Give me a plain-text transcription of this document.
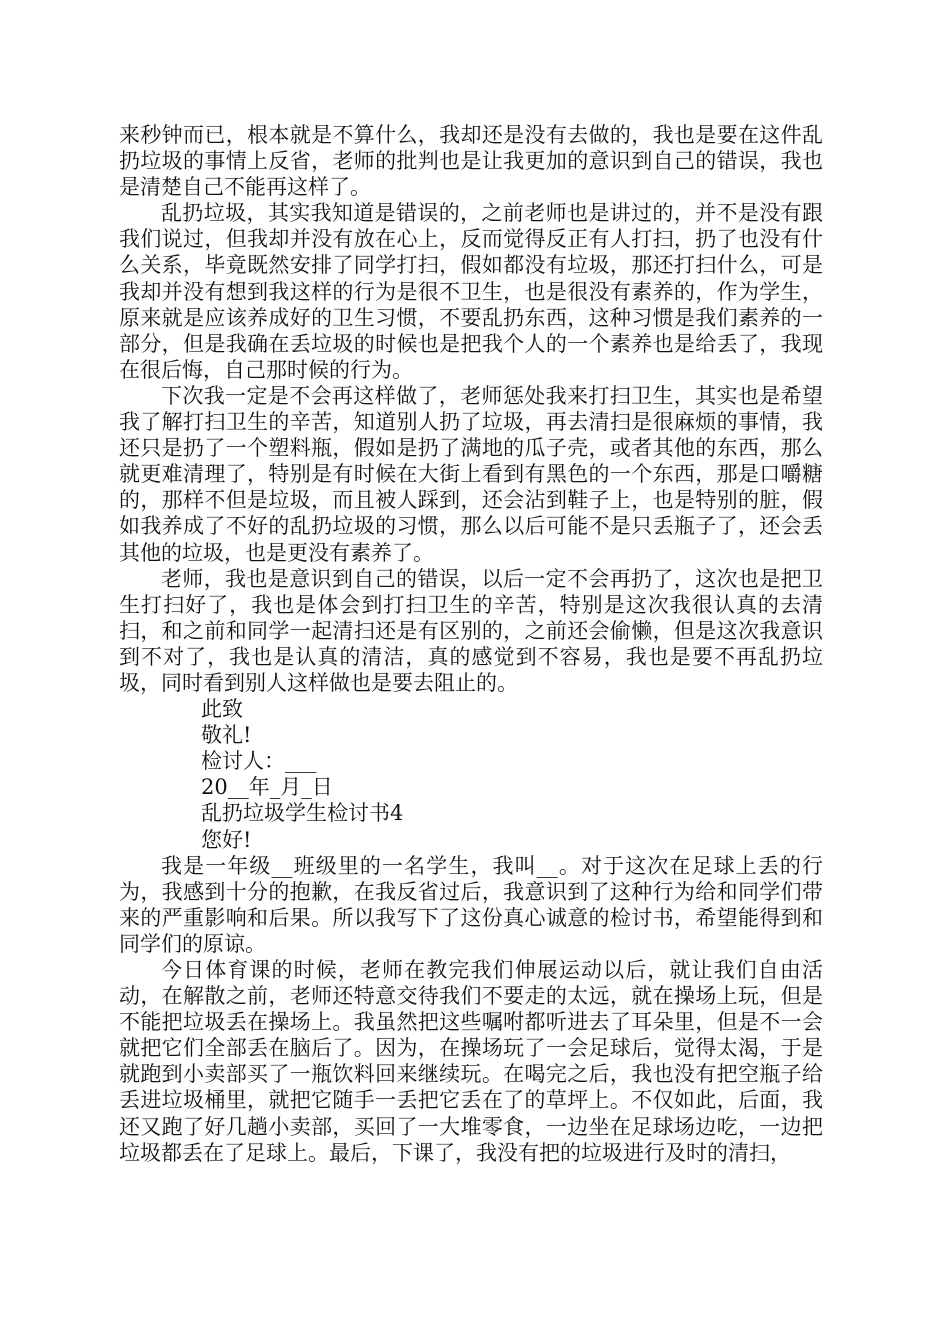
来秒钟而已，根本就是不算什么，我却还是没有去做的，我也是要在这件乱扔垃圾的事情上反省，老师的批判也是让我更加的意识到自己的错误，我也是清楚自己不能再这样了。

乱扔垃圾，其实我知道是错误的，之前老师也是讲过的，并不是没有跟我们说过，但我却并没有放在心上，反而觉得反正有人打扫，扔了也没有什么关系，毕竟既然安排了同学打扫，假如都没有垃圾，那还打扫什么，可是我却并没有想到我这样的行为是很不卫生，也是很没有素养的，作为学生，原来就是应该养成好的卫生习惯，不要乱扔东西，这种习惯是我们素养的一部分，但是我确在丢垃圾的时候也是把我个人的一个素养也是给丢了，我现在很后悔，自己那时候的行为。

下次我一定是不会再这样做了，老师惩处我来打扫卫生，其实也是希望我了解打扫卫生的辛苦，知道别人扔了垃圾，再去清扫是很麻烦的事情，我还只是扔了一个塑料瓶，假如是扔了满地的瓜子壳，或者其他的东西，那么就更难清理了，特别是有时候在大街上看到有黑色的一个东西，那是口嚼糖的，那样不但是垃圾，而且被人踩到，还会沾到鞋子上，也是特别的脏，假如我养成了不好的乱扔垃圾的习惯，那么以后可能不是只丢瓶子了，还会丢其他的垃圾，也是更没有素养了。

老师，我也是意识到自己的错误，以后一定不会再扔了，这次也是把卫生打扫好了，我也是体会到打扫卫生的辛苦，特别是这次我很认真的去清扫，和之前和同学一起清扫还是有区别的，之前还会偷懒，但是这次我意识到不对了，我也是认真的清洁，真的感觉到不容易，我也是要不再乱扔垃圾，同时看到别人这样做也是要去阻止的。

此致

敬礼!

检讨人：___

20__年_月_日

乱扔垃圾学生检讨书4

您好!

我是一年级__班级里的一名学生，我叫__。对于这次在足球上丢的行为，我感到十分的抱歉，在我反省过后，我意识到了这种行为给和同学们带来的严重影响和后果。所以我写下了这份真心诚意的检讨书，希望能得到和同学们的原谅。

今日体育课的时候，老师在教完我们伸展运动以后，就让我们自由活动，在解散之前，老师还特意交待我们不要走的太远，就在操场上玩，但是不能把垃圾丢在操场上。我虽然把这些嘱咐都听进去了耳朵里，但是不一会就把它们全部丢在脑后了。因为，在操场玩了一会足球后，觉得太渴，于是就跑到小卖部买了一瓶饮料回来继续玩。在喝完之后，我也没有把空瓶子给丢进垃圾桶里，就把它随手一丢把它丢在了的草坪上。不仅如此，后面，我还又跑了好几趟小卖部，买回了一大堆零食，一边坐在足球场边吃，一边把垃圾都丢在了足球上。最后，下课了，我没有把的垃圾进行及时的清扫，
